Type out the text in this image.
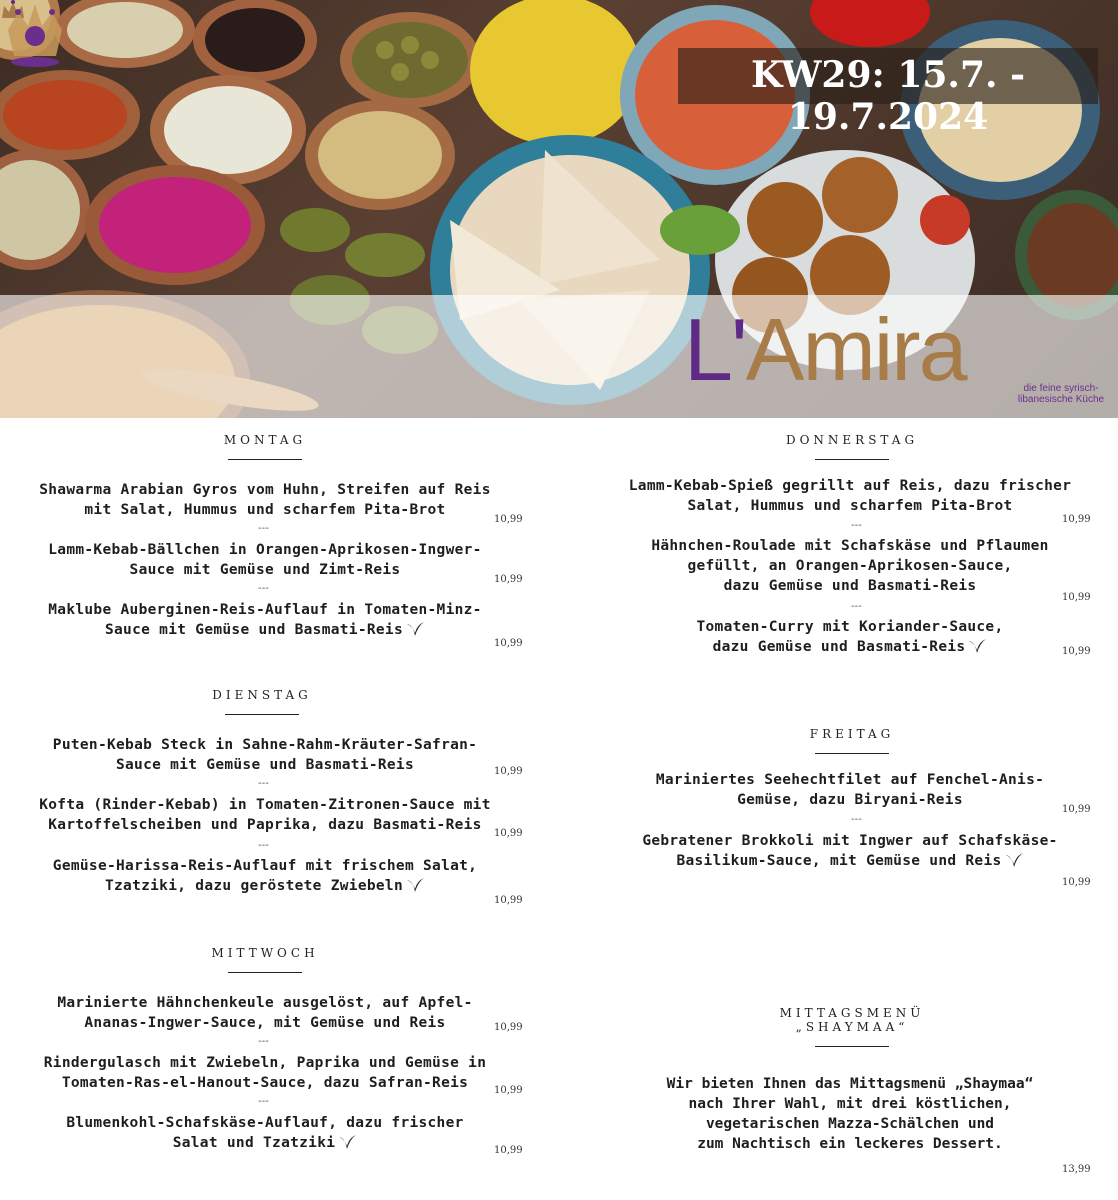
KW29: 15.7. - 19.7.2024
L'Amira	die feine syrisch-
libanesische Küche
MONTAG
Shawarma Arabian Gyros vom Huhn, Streifen auf Reis
mit Salat, Hummus und scharfem Pita-Brot
10,99
---
Lamm-Kebab-Bällchen in Orangen-Aprikosen-Ingwer-
Sauce mit Gemüse und Zimt-Reis
10,99
---
Maklube Auberginen-Reis-Auflauf in Tomaten-Minz-
Sauce mit Gemüse und Basmati-Reis
10,99
DIENSTAG
Puten-Kebab Steck in Sahne-Rahm-Kräuter-Safran-
Sauce mit Gemüse und Basmati-Reis	10,99
---
Kofta (Rinder-Kebab) in Tomaten-Zitronen-Sauce mit
Kartoffelscheiben und Paprika, dazu Basmati-Reis
10,99
---
Gemüse-Harissa-Reis-Auflauf mit frischem Salat,
Tzatziki, dazu geröstete Zwiebeln
10,99
MITTWOCH
Marinierte Hähnchenkeule ausgelöst, auf Apfel-
Ananas-Ingwer-Sauce, mit Gemüse und Reis	10,99
---
Rindergulasch mit Zwiebeln, Paprika und Gemüse in
Tomaten-Ras-el-Hanout-Sauce, dazu Safran-Reis	10,99
---
Blumenkohl-Schafskäse-Auflauf, dazu frischer
Salat und Tzatziki	10,99
DONNERSTAG
Lamm-Kebab-Spieß gegrillt auf Reis, dazu frischer
Salat, Hummus und scharfem Pita-Brot
10,99
---
Hähnchen-Roulade mit Schafskäse und Pflaumen
gefüllt, an Orangen-Aprikosen-Sauce,
dazu Gemüse und Basmati-Reis
10,99
---
Tomaten-Curry mit Koriander-Sauce,
dazu Gemüse und Basmati-Reis	10,99
FREITAG
Mariniertes Seehechtfilet auf Fenchel-Anis-
Gemüse, dazu Biryani-Reis
10,99
---
Gebratener Brokkoli mit Ingwer auf Schafskäse-
Basilikum-Sauce, mit Gemüse und Reis
10,99
MITTAGSMENÜ
„SHAYMAA“
Wir bieten Ihnen das Mittagsmenü „Shaymaa“
nach Ihrer Wahl, mit drei köstlichen,
vegetarischen Mazza-Schälchen und
zum Nachtisch ein leckeres Dessert.
13,99
